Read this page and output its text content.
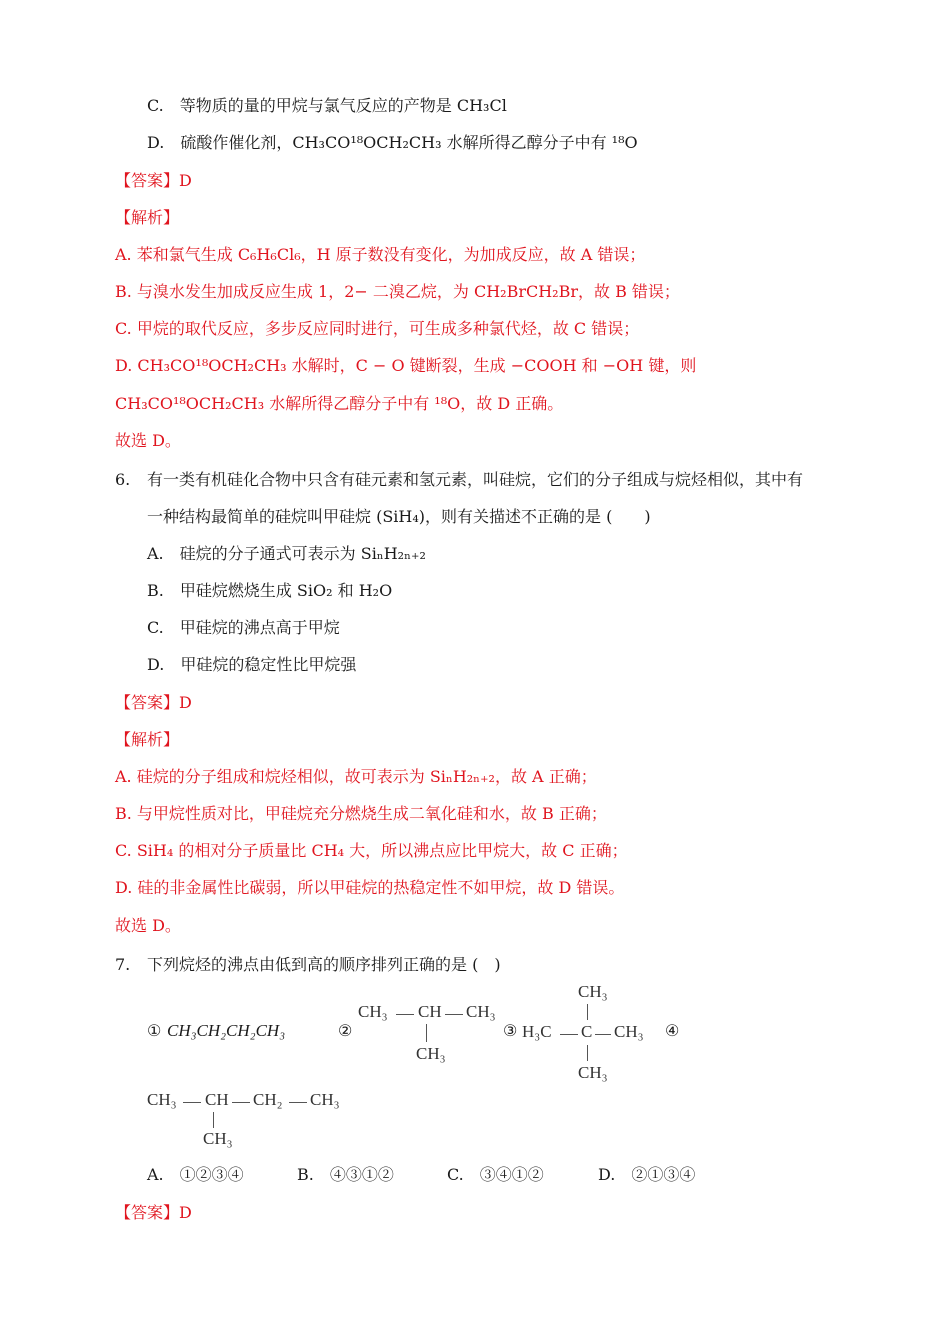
C.　等物质的量的甲烷与氯气反应的产物是 CH₃Cl
D.　硫酸作催化剂，CH₃CO¹⁸OCH₂CH₃ 水解所得乙醇分子中有 ¹⁸O
【答案】D
【解析】
A. 苯和氯气生成 C₆H₆Cl₆，H 原子数没有变化，为加成反应，故 A 错误；
B. 与溴水发生加成反应生成 1，2− 二溴乙烷，为 CH₂BrCH₂Br，故 B 错误；
C. 甲烷的取代反应，多步反应同时进行，可生成多种氯代烃，故 C 错误；
D. CH₃CO¹⁸OCH₂CH₃ 水解时，C − O 键断裂，生成 −COOH 和 −OH 键，则
CH₃CO¹⁸OCH₂CH₃ 水解所得乙醇分子中有 ¹⁸O，故 D 正确。
故选 D。
6. 有一类有机硅化合物中只含有硅元素和氢元素，叫硅烷，它们的分子组成与烷烃相似，其中有
一种结构最简单的硅烷叫甲硅烷 (SiH₄)，则有关描述不正确的是 (　　)
A.　硅烷的分子通式可表示为 SiₙH₂ₙ₊₂
B.　甲硅烷燃烧生成 SiO₂ 和 H₂O
C.　甲硅烷的沸点高于甲烷
D.　甲硅烷的稳定性比甲烷强
【答案】D
【解析】
A. 硅烷的分子组成和烷烃相似，故可表示为 SiₙH₂ₙ₊₂，故 A 正确；
B. 与甲烷性质对比，甲硅烷充分燃烧生成二氧化硅和水，故 B 正确；
C. SiH₄ 的相对分子质量比 CH₄ 大，所以沸点应比甲烷大，故 C 正确；
D. 硅的非金属性比碳弱，所以甲硅烷的热稳定性不如甲烷，故 D 错误。
故选 D。
7. 下列烷烃的沸点由低到高的顺序排列正确的是 (　)
① CH₃CH₂CH₂CH₃	②
CH₃ CH CH₃
CH₃
③
CH₃
H₃C C CH₃
CH₃
④
CH₃ CH CH₂ CH₃
CH₃
A.　①②③④	B.　④③①②	C.　③④①②	D.　②①③④
【答案】D
